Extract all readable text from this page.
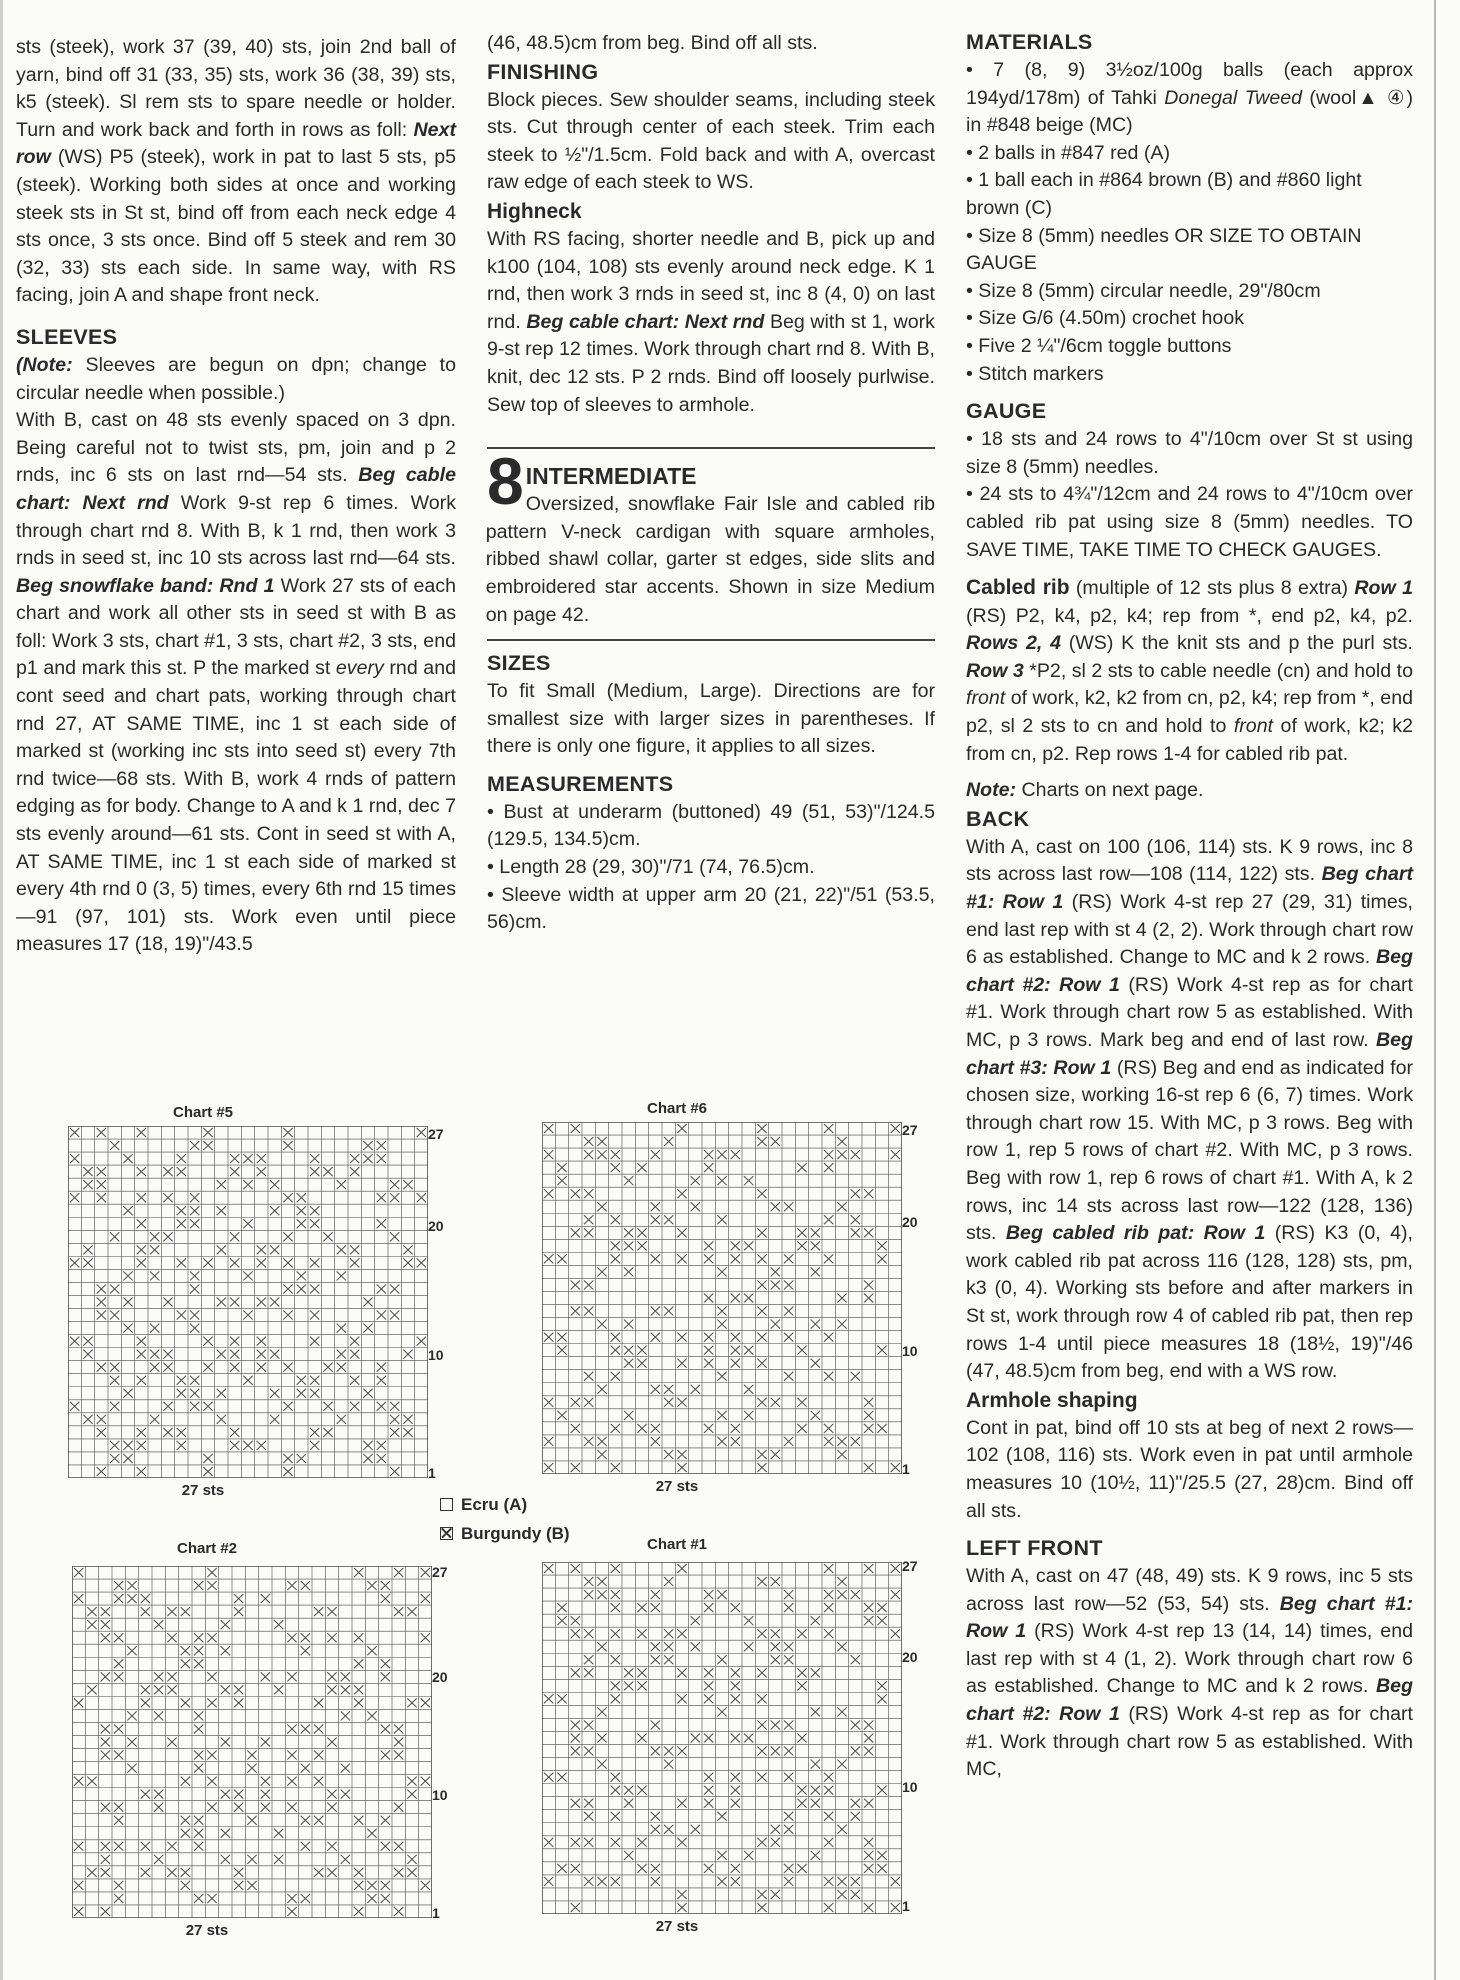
sts (steek), work 37 (39, 40) sts, join 2nd ball of yarn, bind off 31 (33, 35) sts, work 36 (38, 39) sts, k5 (steek). Sl rem sts to spare needle or holder. Turn and work back and forth in rows as foll: Next row (WS) P5 (steek), work in pat to last 5 sts, p5 (steek). Working both sides at once and working steek sts in St st, bind off from each neck edge 4 sts once, 3 sts once. Bind off 5 steek and rem 30 (32, 33) sts each side. In same way, with RS facing, join A and shape front neck.

SLEEVES

(Note: Sleeves are begun on dpn; change to circular needle when possible.)

With B, cast on 48 sts evenly spaced on 3 dpn. Being careful not to twist sts, pm, join and p 2 rnds, inc 6 sts on last rnd—54 sts. Beg cable chart: Next rnd Work 9-st rep 6 times. Work through chart rnd 8. With B, k 1 rnd, then work 3 rnds in seed st, inc 10 sts across last rnd—64 sts. Beg snowflake band: Rnd 1 Work 27 sts of each chart and work all other sts in seed st with B as foll: Work 3 sts, chart #1, 3 sts, chart #2, 3 sts, end p1 and mark this st. P the marked st every rnd and cont seed and chart pats, working through chart rnd 27, AT SAME TIME, inc 1 st each side of marked st (working inc sts into seed st) every 7th rnd twice—68 sts. With B, work 4 rnds of pattern edging as for body. Change to A and k 1 rnd, dec 7 sts evenly around—61 sts. Cont in seed st with A, AT SAME TIME, inc 1 st each side of marked st every 4th rnd 0 (3, 5) times, every 6th rnd 15 times—91 (97, 101) sts. Work even until piece measures 17 (18, 19)"/43.5

(46, 48.5)cm from beg. Bind off all sts.

FINISHING

Block pieces. Sew shoulder seams, including steek sts. Cut through center of each steek. Trim each steek to ½"/1.5cm. Fold back and with A, overcast raw edge of each steek to WS.

Highneck

With RS facing, shorter needle and B, pick up and k100 (104, 108) sts evenly around neck edge. K 1 rnd, then work 3 rnds in seed st, inc 8 (4, 0) on last rnd. Beg cable chart: Next rnd Beg with st 1, work 9-st rep 12 times. Work through chart rnd 8. With B, knit, dec 12 sts. P 2 rnds. Bind off loosely purlwise. Sew top of sleeves to armhole.

8 INTERMEDIATE

Oversized, snowflake Fair Isle and cabled rib pattern V-neck cardigan with square armholes, ribbed shawl collar, garter st edges, side slits and embroidered star accents. Shown in size Medium on page 42.

SIZES

To fit Small (Medium, Large). Directions are for smallest size with larger sizes in parentheses. If there is only one figure, it applies to all sizes.

MEASUREMENTS

• Bust at underarm (buttoned) 49 (51, 53)"/124.5 (129.5, 134.5)cm.

• Length 28 (29, 30)"/71 (74, 76.5)cm.

• Sleeve width at upper arm 20 (21, 22)"/51 (53.5, 56)cm.

MATERIALS

• 7 (8, 9) 3½oz/100g balls (each approx 194yd/178m) of Tahki Donegal Tweed (wool▲ ④) in #848 beige (MC)

• 2 balls in #847 red (A)

• 1 ball each in #864 brown (B) and #860 light brown (C)

• Size 8 (5mm) needles OR SIZE TO OBTAIN GAUGE

• Size 8 (5mm) circular needle, 29"/80cm

• Size G/6 (4.50m) crochet hook

• Five 2 ¼"/6cm toggle buttons

• Stitch markers

GAUGE

• 18 sts and 24 rows to 4"/10cm over St st using size 8 (5mm) needles.

• 24 sts to 4¾"/12cm and 24 rows to 4"/10cm over cabled rib pat using size 8 (5mm) needles. TO SAVE TIME, TAKE TIME TO CHECK GAUGES.

Cabled rib (multiple of 12 sts plus 8 extra) Row 1 (RS) P2, k4, p2, k4; rep from *, end p2, k4, p2. Rows 2, 4 (WS) K the knit sts and p the purl sts. Row 3 *P2, sl 2 sts to cable needle (cn) and hold to front of work, k2, k2 from cn, p2, k4; rep from *, end p2, sl 2 sts to cn and hold to front of work, k2; k2 from cn, p2. Rep rows 1-4 for cabled rib pat.

Note: Charts on next page.

BACK

With A, cast on 100 (106, 114) sts. K 9 rows, inc 8 sts across last row—108 (114, 122) sts. Beg chart #1: Row 1 (RS) Work 4-st rep 27 (29, 31) times, end last rep with st 4 (2, 2). Work through chart row 6 as established. Change to MC and k 2 rows. Beg chart #2: Row 1 (RS) Work 4-st rep as for chart #1. Work through chart row 5 as established. With MC, p 3 rows. Mark beg and end of last row. Beg chart #3: Row 1 (RS) Beg and end as indicated for chosen size, working 16-st rep 6 (6, 7) times. Work through chart row 15. With MC, p 3 rows. Beg with row 1, rep 5 rows of chart #2. With MC, p 3 rows. Beg with row 1, rep 6 rows of chart #1. With A, k 2 rows, inc 14 sts across last row—122 (128, 136) sts. Beg cabled rib pat: Row 1 (RS) K3 (0, 4), work cabled rib pat across 116 (128, 128) sts, pm, k3 (0, 4). Working sts before and after markers in St st, work through row 4 of cabled rib pat, then rep rows 1-4 until piece measures 18 (18½, 19)"/46 (47, 48.5)cm from beg, end with a WS row.

Armhole shaping

Cont in pat, bind off 10 sts at beg of next 2 rows—102 (108, 116) sts. Work even in pat until armhole measures 10 (10½, 11)"/25.5 (27, 28)cm. Bind off all sts.

LEFT FRONT

With A, cast on 47 (48, 49) sts. K 9 rows, inc 5 sts across last row—52 (53, 54) sts. Beg chart #1: Row 1 (RS) Work 4-st rep 13 (14, 14) times, end last rep with st 4 (1, 2). Work through chart row 6 as established. Change to MC and k 2 rows. Beg chart #2: Row 1 (RS) Work 4-st rep as for chart #1. Work through chart row 5 as established. With MC,

Chart #5
27
20
10
1
27 sts
Chart #6
27
20
10
1
27 sts
Chart #2
27
20
10
1
27 sts
Chart #1
27
20
10
1
27 sts
Ecru (A)
Burgundy (B)
